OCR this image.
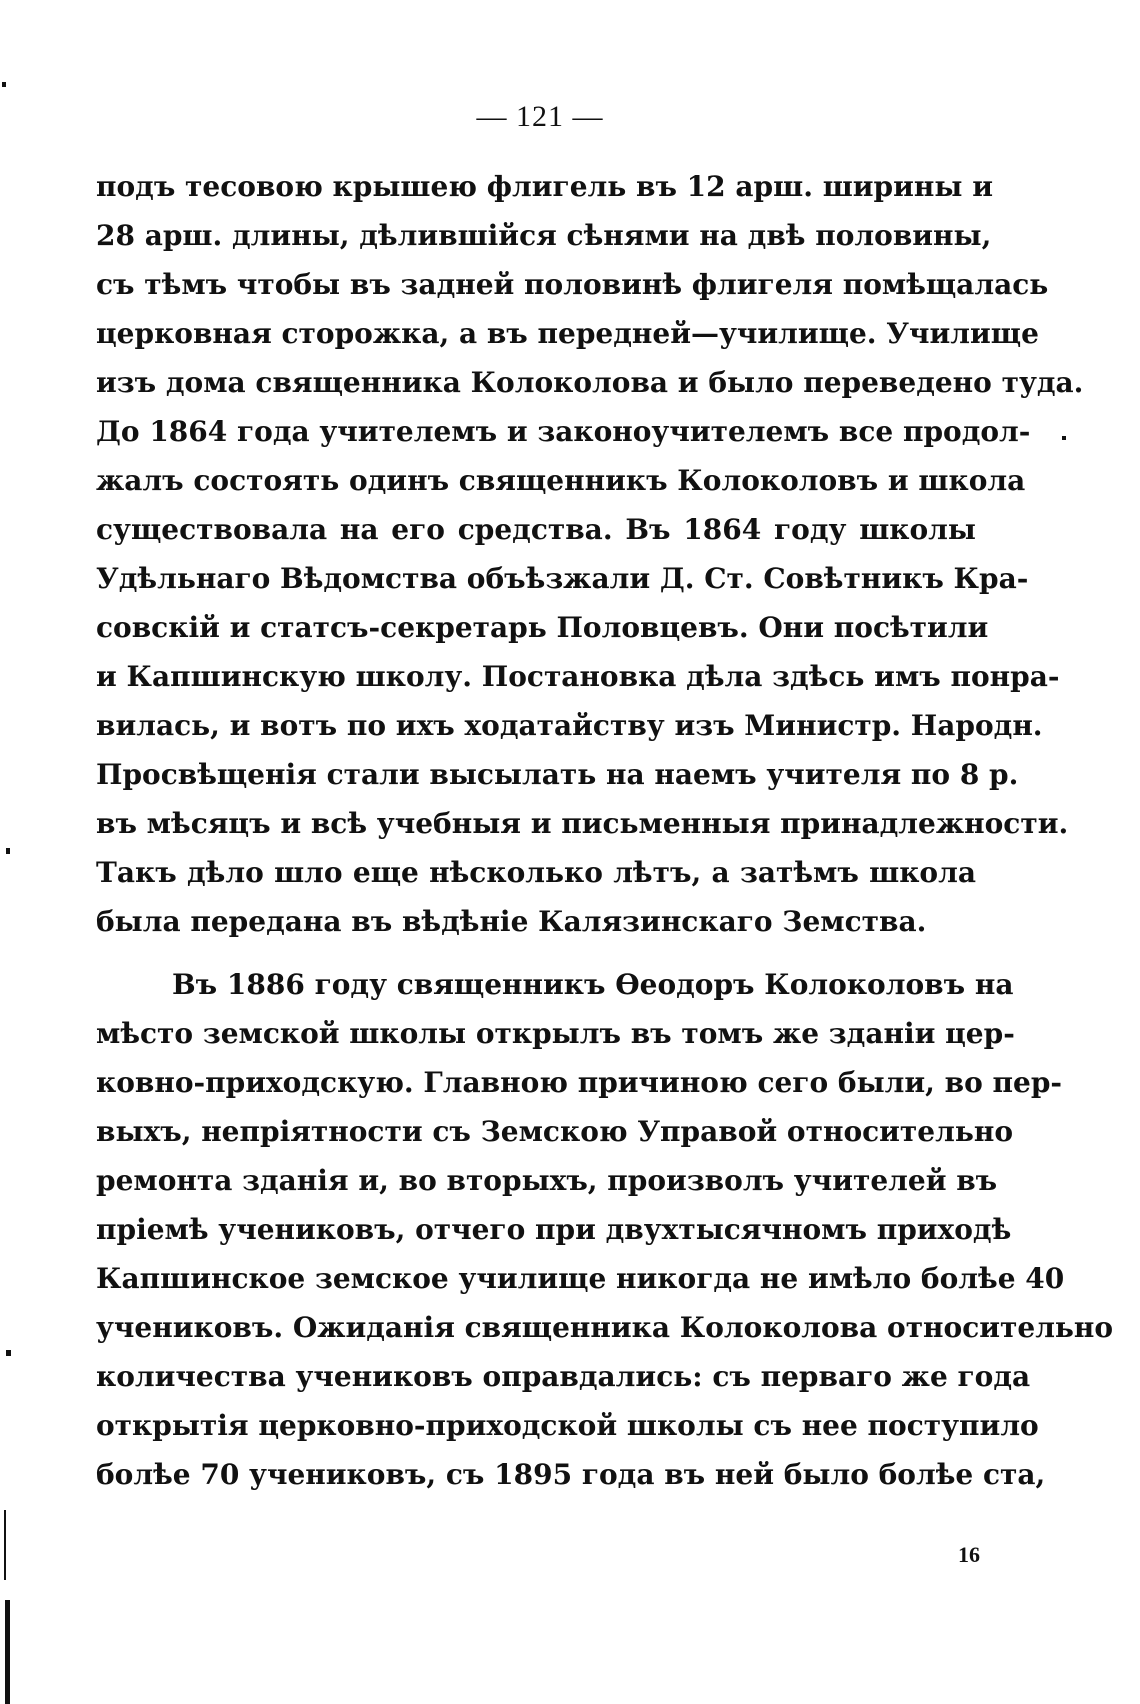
— 121 —
подъ тесовою крышею флигель въ 12 арш. ширины и
28 арш. длины, дѣлившійся сѣнями на двѣ половины,
съ тѣмъ чтобы въ задней половинѣ флигеля помѣщалась
церковная сторожка, а въ передней—училище. Училище
изъ дома священника Колоколова и было переведено туда.
До 1864 года учителемъ и законоучителемъ все продол-
жалъ состоять одинъ священникъ Колоколовъ и школа
существовала на его средства. Въ 1864 году школы
Удѣльнаго Вѣдомства объѣзжали Д. Ст. Совѣтникъ Кра-
совскій и статсъ-секретарь Половцевъ. Они посѣтили
и Капшинскую школу. Постановка дѣла здѣсь имъ понра-
вилась, и вотъ по ихъ ходатайству изъ Министр. Народн.
Просвѣщенія стали высылать на наемъ учителя по 8 р.
въ мѣсяцъ и всѣ учебныя и письменныя принадлежности.
Такъ дѣло шло еще нѣсколько лѣтъ, а затѣмъ школа
была передана въ вѣдѣніе Калязинскаго Земства.
Въ 1886 году священникъ Өеодоръ Колоколовъ на
мѣсто земской школы открылъ въ томъ же зданіи цер-
ковно-приходскую. Главною причиною сего были, во пер-
выхъ, непріятности съ Земскою Управой относительно
ремонта зданія и, во вторыхъ, произволъ учителей въ
пріемѣ учениковъ, отчего при двухтысячномъ приходѣ
Капшинское земское училище никогда не имѣло болѣе 40
учениковъ. Ожиданія священника Колоколова относительно
количества учениковъ оправдались: съ перваго же года
открытія церковно-приходской школы съ нее поступило
болѣе 70 учениковъ, съ 1895 года въ ней было болѣе ста,
16
